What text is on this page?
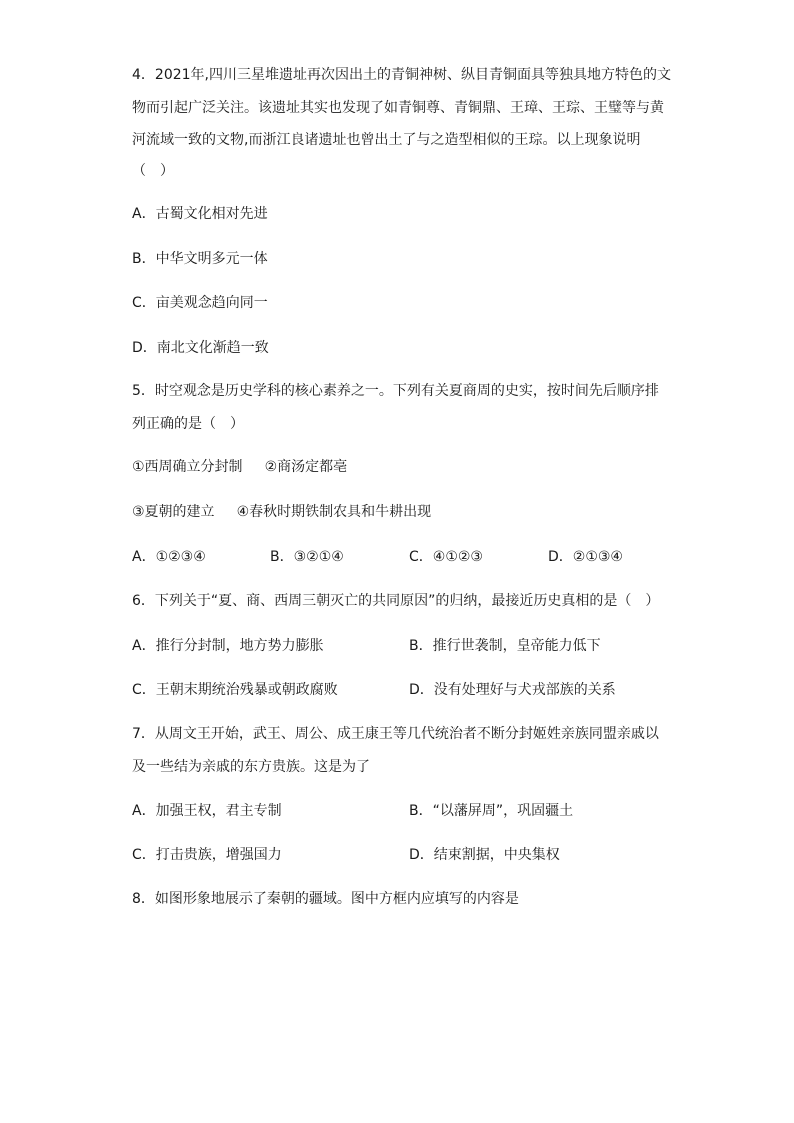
4．2021年,四川三星堆遗址再次因出土的青铜神树、纵目青铜面具等独具地方特色的文
物而引起广泛关注。该遗址其实也发现了如青铜尊、青铜鼎、王璋、王琮、王璧等与黄
河流域一致的文物,而浙江良诸遗址也曾出土了与之造型相似的王琮。以上现象说明
（　）
A．古蜀文化相对先进
B．中华文明多元一体
C．亩美观念趋向同一
D．南北文化渐趋一致
5．时空观念是历史学科的核心素养之一。下列有关夏商周的史实，按时间先后顺序排
列正确的是（　）
①西周确立分封制 ②商汤定都亳
③夏朝的建立 ④春秋时期铁制农具和牛耕出现
A．①②③④	B．③②①④	C．④①②③	D．②①③④
6．下列关于“夏、商、西周三朝灭亡的共同原因”的归纳，最接近历史真相的是（　）
A．推行分封制，地方势力膨胀	B．推行世袭制，皇帝能力低下
C．王朝末期统治残暴或朝政腐败	D．没有处理好与犬戎部族的关系
7．从周文王开始，武王、周公、成王康王等几代统治者不断分封姬姓亲族同盟亲戚以
及一些结为亲戚的东方贵族。这是为了
A．加强王权，君主专制	B．“以藩屏周”，巩固疆土
C．打击贵族，增强国力	D．结束割据，中央集权
8．如图形象地展示了秦朝的疆域。图中方框内应填写的内容是
